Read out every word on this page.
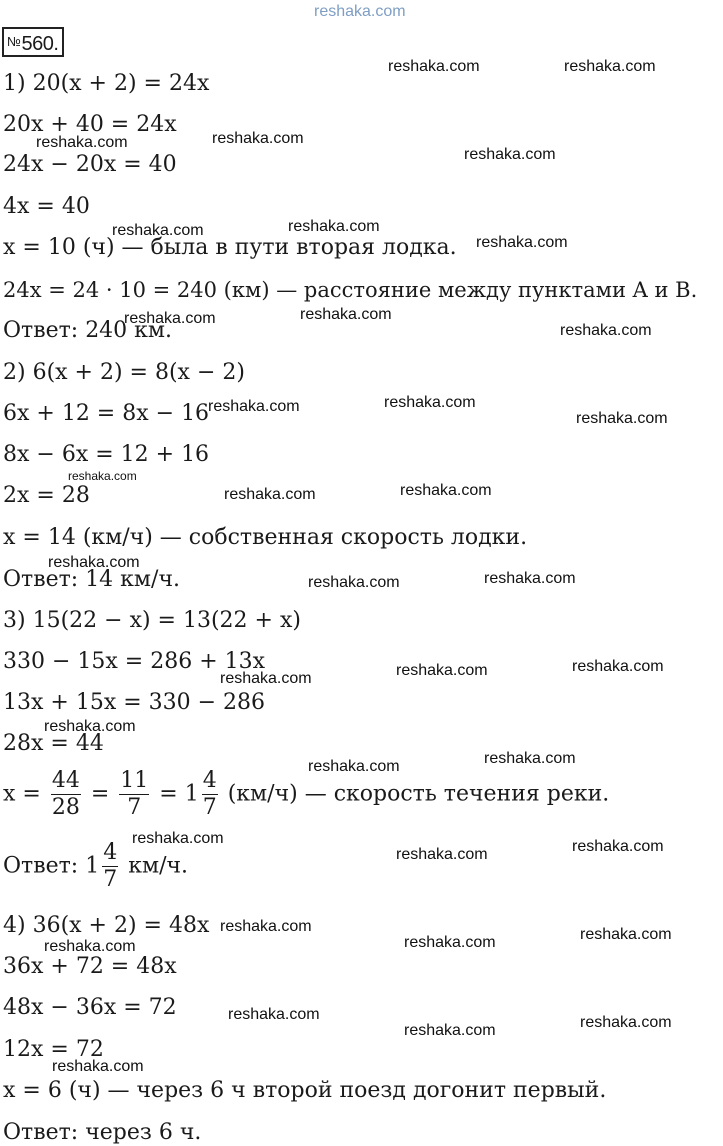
reshaka.com
№560.
1) 20(x + 2) = 24x
20x + 40 = 24x
24x − 20x = 40
4x = 40
x = 10 (ч) — была в пути вторая лодка.
24x = 24 · 10 = 240 (км) — расстояние между пунктами A и B.
Ответ: 240 км.
2) 6(x + 2) = 8(x − 2)
6x + 12 = 8x − 16
8x − 6x = 12 + 16
2x = 28
x = 14 (км/ч) — собственная скорость лодки.
Ответ: 14 км/ч.
3) 15(22 − x) = 13(22 + x)
330 − 15x = 286 + 13x
13x + 15x = 330 − 286
28x = 44
$x = \frac{44}{28} = \frac{11}{7} = 1 \frac{4}{7} (км/ч)$ — скорость течения реки.
Ответ: $1 \frac{4}{7} км/ч$.
4) 36(x + 2) = 48x
36x + 72 = 48x
48x − 36x = 72
12x = 72
x = 6 (ч) — через 6 ч второй поезд догонит первый.
Ответ: через 6 ч.
reshaka.com	reshaka.com
reshaka.com
reshaka.com
reshaka.com
reshaka.com
reshaka.com
reshaka.com
reshaka.com
reshaka.com
reshaka.com
reshaka.com
reshaka.com
reshaka.com
reshaka.com
reshaka.com
reshaka.com
reshaka.com
reshaka.com
reshaka.com
reshaka.com
reshaka.com
reshaka.com
reshaka.com
reshaka.com
reshaka.com
reshaka.com	reshaka.com
reshaka.com
reshaka.com	reshaka.com
reshaka.com	reshaka.com
reshaka.com	reshaka.com
reshaka.com
reshaka.com
